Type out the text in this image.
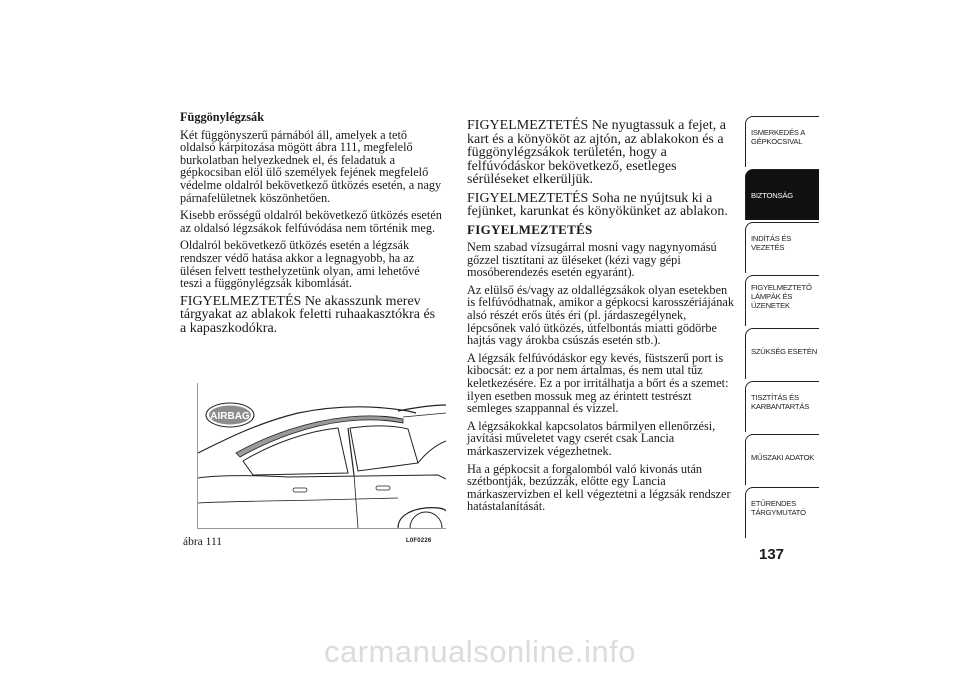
Függönylégzsák

Két függönyszerű párnából áll, amelyek a tető oldalsó kárpitozása mögött ábra 111, megfelelő burkolatban helyezkednek el, és feladatuk a gépkocsiban elöl ülő személyek fejének megfelelő védelme oldalról bekövetkező ütközés esetén, a nagy párnafelületnek köszönhetően.

Kisebb erősségű oldalról bekövetkező ütközés esetén az oldalsó légzsákok felfúvódása nem történik meg.

Oldalról bekövetkező ütközés esetén a légzsák rendszer védő hatása akkor a legnagyobb, ha az ülésen felvett testhelyzetünk olyan, ami lehetővé teszi a függönylégzsák kibomlását.

FIGYELMEZTETÉS Ne akasszunk merev tárgyakat az ablakok feletti ruhaakasztókra és a kapaszkodókra.

AIRBAG
ábra 111	L0F0226

FIGYELMEZTETÉS Ne nyugtassuk a fejet, a kart és a könyököt az ajtón, az ablakokon és a függönylégzsákok területén, hogy a felfúvódáskor bekövetkező, esetleges sérüléseket elkerüljük.

FIGYELMEZTETÉS Soha ne nyújtsuk ki a fejünket, karunkat és könyökünket az ablakon.

FIGYELMEZTETÉS

Nem szabad vízsugárral mosni vagy nagynyomású gőzzel tisztítani az üléseket (kézi vagy gépi mosóberendezés esetén egyaránt).

Az elülső és/vagy az oldallégzsákok olyan esetekben is felfúvódhatnak, amikor a gépkocsi karosszériájának alsó részét erős ütés éri (pl. járdaszegélynek, lépcsőnek való ütközés, útfelbontás miatti gödörbe hajtás vagy árokba csúszás esetén stb.).

A légzsák felfúvódáskor egy kevés, füstszerű port is kibocsát: ez a por nem ártalmas, és nem utal tűz keletkezésére. Ez a por irritálhatja a bőrt és a szemet: ilyen esetben mossuk meg az érintett testrészt semleges szappannal és vízzel.

A légzsákokkal kapcsolatos bármilyen ellenőrzési, javítási műveletet vagy cserét csak Lancia márkaszervizek végezhetnek.

Ha a gépkocsit a forgalomból való kivonás után szétbontják, bezúzzák, előtte egy Lancia márkaszervizben el kell végeztetni a légzsák rendszer hatástalanítását.

ISMERKEDÉS A
GÉPKOCSIVAL
BIZTONSÁG
INDÍTÁS ÉS
VEZETÉS
FIGYELMEZTETŐ
LÁMPÁK ÉS
ÜZENETEK
SZÜKSÉG ESETÉN
TISZTÍTÁS ÉS
KARBANTARTÁS
MŰSZAKI ADATOK
ETŰRENDES
TÁRGYMUTATÓ
137
carmanualsonline.info
